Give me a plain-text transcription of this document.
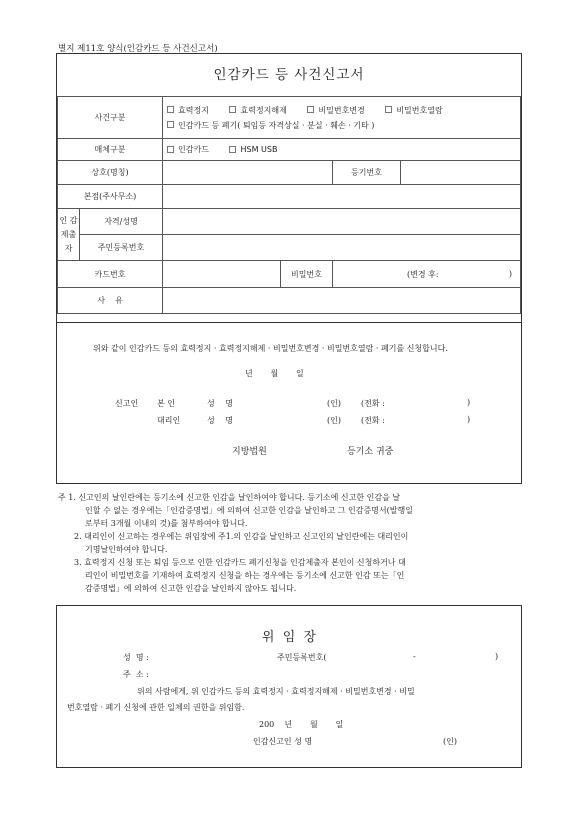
별지 제11호 양식(인감카드 등 사건신고서)
인감카드 등 사건신고서
사건구분		효력정지 효력정지해제 비밀번호변경 비밀번호열람
인감카드 등 폐기( 퇴임등 자격상실 · 분실 · 훼손 · 기타 )			

매체구분		인감카드 HSM USB			
상호(명칭)				등기번호	
본점(주사무소)					
인 감
제출자	자격/성명				
	주민등록번호				
카드번호			비밀번호	(변경 후: )	

사    유					
위와 같이 인감카드 등의 효력정지 · 효력정지해제 · 비밀번호변경 · 비밀번호열람 · 폐기를 신청합니다.
년       월       일
신고인 본 인	성 명	(인)	(전화 :	)
대리인	성 명	(인)	(전화 :	)
지방법원	등기소 귀중
주 1. 신고인의 날인란에는 등기소에 신고한 인감을 날인하여야 합니다. 등기소에 신고한 인감을 날
인할 수 없는 경우에는「인감증명법」에 의하여 신고한 인감을 날인하고 그 인감증명서(발행일
로부터 3개월 이내의 것)를 첨부하여야 합니다.
2. 대리인이 신고하는 경우에는 위임장에 주1.의 인감을 날인하고 신고인의 날인란에는 대리인이
기명날인하여야 합니다.
3. 효력정지 신청 또는 퇴임 등으로 인한 인감카드 폐기신청을 인감제출자 본인이 신청하거나 대
리인이 비밀번호를 기재하여 효력정지 신청을 하는 경우에는 등기소에 신고한 인감 또는「인
감증명법」에 의하여 신고한 인감을 날인하지 않아도 됩니다.
위  임  장
성  명 :	주민등록번호(	-	)
주  소 :
위의 사람에게, 위 인감카드 등의 효력정지 · 효력정지해제 · 비밀번호변경 · 비밀
번호열람 · 폐기 신청에 관한 일체의 권한을 위임함.
200    년       월       일
인감신고인 성 명	(인)
